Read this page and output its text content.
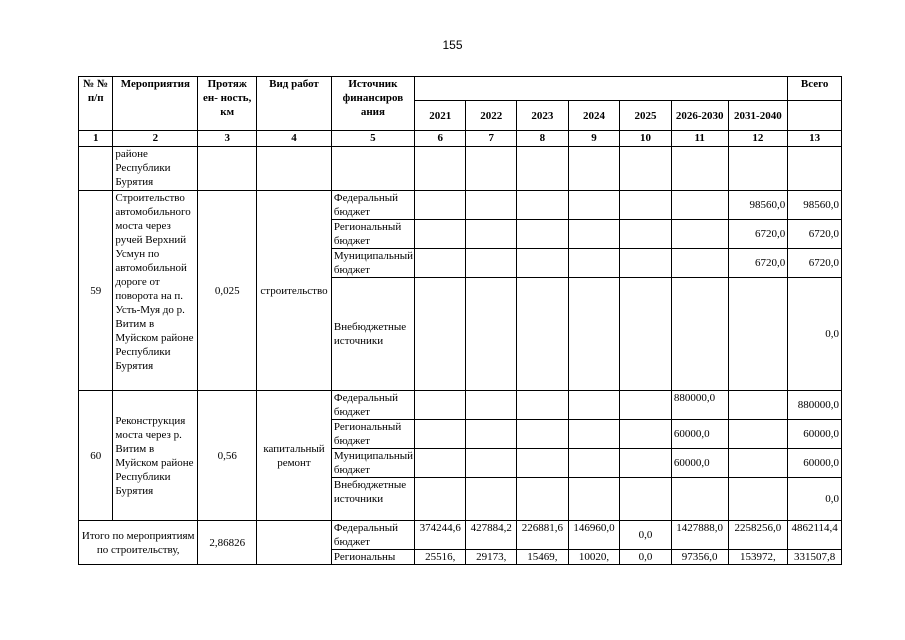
155
№ № п/п	Мероприятия	Протяж ен- ность, км	Вид работ	Источник финансиров ания								Всего
					2021	2022	2023	2024	2025	2026-2030	2031-2040	
1	2	3	4	5	6	7	8	9	10	11	12	13
	районе Республики Бурятия											
59	Строительство автомобильного моста через ручей Верхний Усмун по автомобильной дороге от поворота на п. Усть-Муя до р. Витим в Муйском районе Республики Бурятия	0,025	строительство	Федеральный бюджет							98560,0	98560,0
				Региональный бюджет							6720,0	6720,0
				Муниципальный бюджет							6720,0	6720,0
				Внебюджетные источники								0,0
60	Реконструкция моста через р. Витим в Муйском районе Республики Бурятия	0,56	капитальный ремонт	Федеральный бюджет						880000,0		880000,0
				Региональный бюджет						60000,0		60000,0
				Муниципальный бюджет						60000,0		60000,0
				Внебюджетные источники								0,0
Итого по мероприятиям по строительству,		2,86826		Федеральный бюджет	374244,6	427884,2	226881,6	146960,0	0,0	1427888,0	2258256,0	4862114,4
				Региональны	25516,	29173,	15469,	10020,	0,0	97356,0	153972,	331507,8
